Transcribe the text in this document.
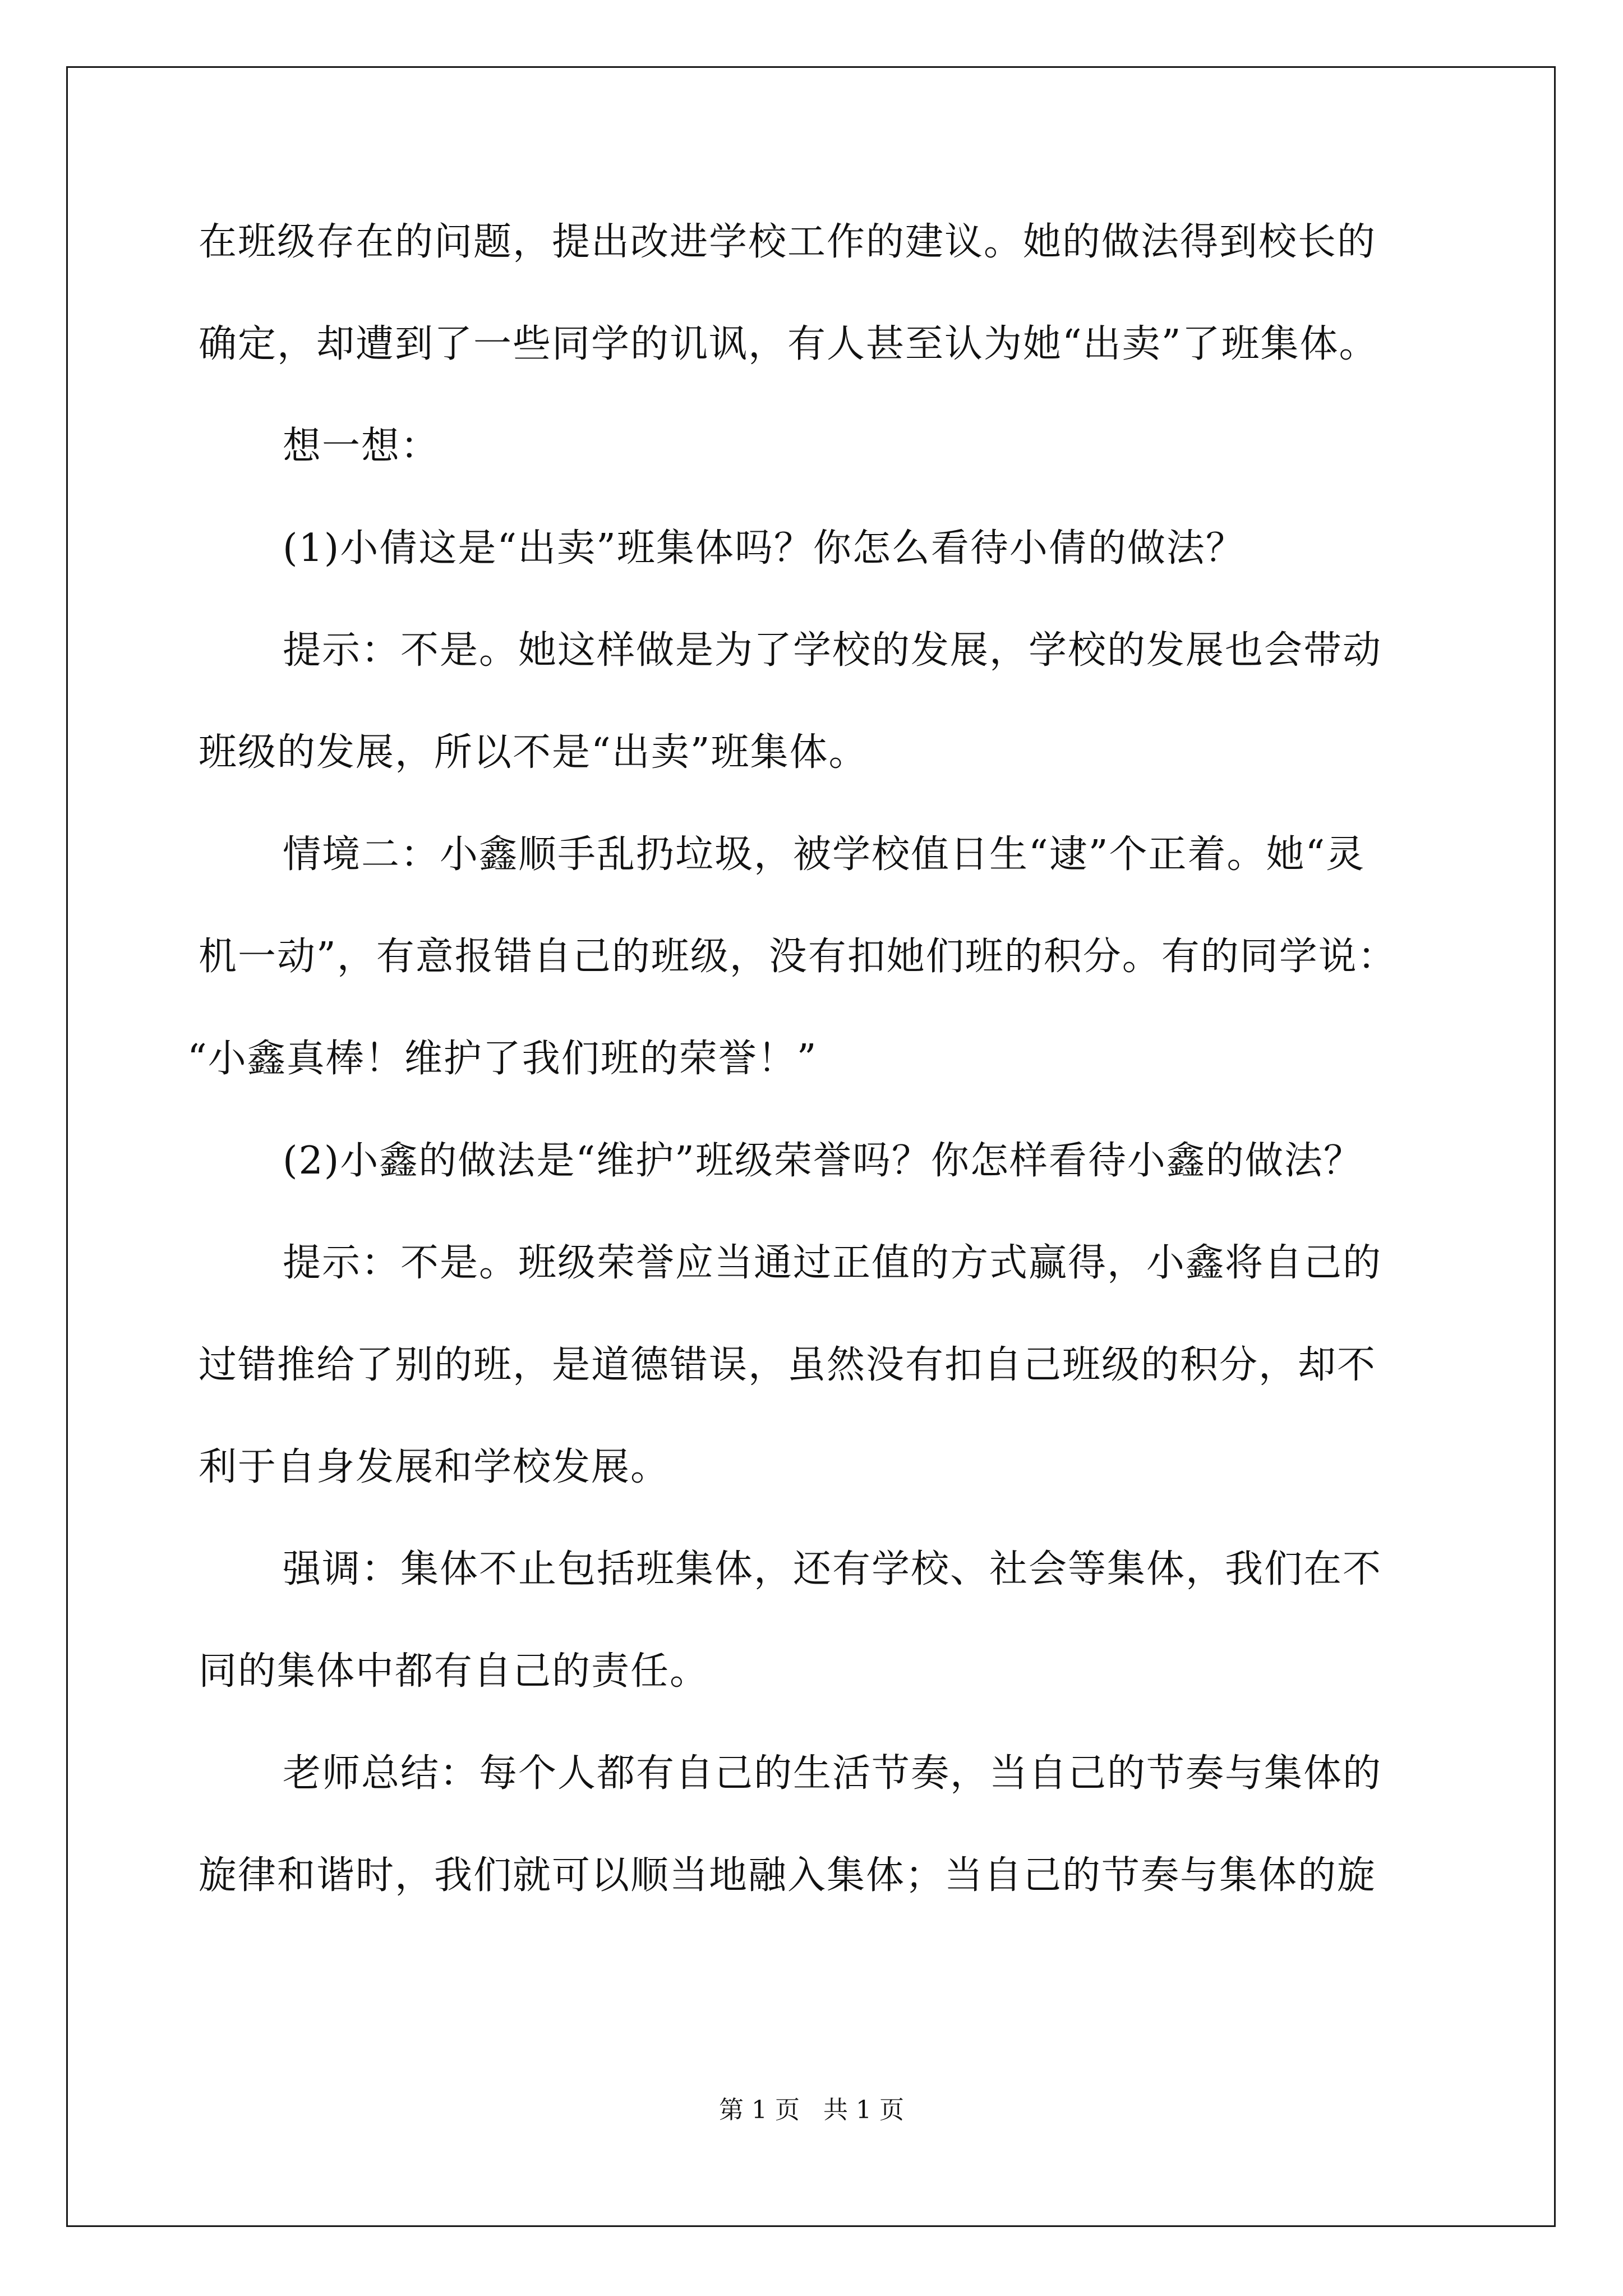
在班级存在的问题，提出改进学校工作的建议。她的做法得到校长的
确定，却遭到了一些同学的讥讽，有人甚至认为她“出卖”了班集体。
想一想：
(1)小倩这是“出卖”班集体吗？你怎么看待小倩的做法？
提示：不是。她这样做是为了学校的发展，学校的发展也会带动
班级的发展，所以不是“出卖”班集体。
情境二：小鑫顺手乱扔垃圾，被学校值日生“逮”个正着。她“灵
机一动”，有意报错自己的班级，没有扣她们班的积分。有的同学说：
“小鑫真棒！维护了我们班的荣誉！”
(2)小鑫的做法是“维护”班级荣誉吗？你怎样看待小鑫的做法？
提示：不是。班级荣誉应当通过正值的方式赢得，小鑫将自己的
过错推给了别的班，是道德错误，虽然没有扣自己班级的积分，却不
利于自身发展和学校发展。
强调：集体不止包括班集体，还有学校、社会等集体，我们在不
同的集体中都有自己的责任。
老师总结：每个人都有自己的生活节奏，当自己的节奏与集体的
旋律和谐时，我们就可以顺当地融入集体；当自己的节奏与集体的旋
第 1 页   共 1 页
